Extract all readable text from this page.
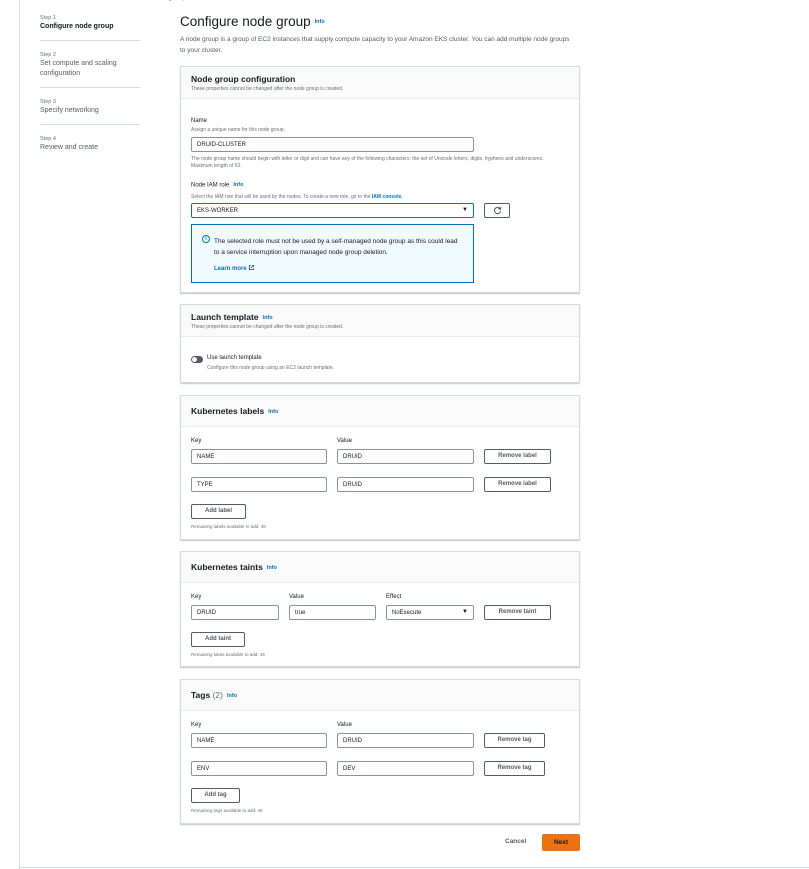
Step 1
Configure node group
Step 2
Set compute and scaling configuration
Step 3
Specify networking
Step 4
Review and create
Configure node group Info
A node group is a group of EC2 instances that supply compute capacity to your Amazon EKS cluster. You can add multiple node groups to your cluster.
Node group configuration
These properties cannot be changed after the node group is created.
Name
Assign a unique name for this node group.
DRUID-CLUSTER
The node group name should begin with letter or digit and can have any of the following characters: the set of Unicode letters, digits, hyphens and underscores. Maximum length of 63.
Node IAM role Info
Select the IAM role that will be used by the nodes. To create a new role, go to the IAM console.
EKS-WORKER	▼
i	The selected role must not be used by a self-managed node group as this could lead to a service interruption upon managed node group deletion.
Learn more
Launch template Info
These properties cannot be changed after the node group is created.
Use launch template
Configure this node group using an EC2 launch template.
Kubernetes labels Info
Key	Value
NAME	DRUID	Remove label
TYPE	DRUID	Remove label
Add label
Remaining labels available to add: 48
Kubernetes taints Info
Key	Value	Effect
DRUID	true	NoExecute	▼	Remove taint
Add taint
Remaining taints available to add: 49
Tags (2) Info
Key	Value
NAME	DRUID	Remove tag
ENV	DEV	Remove tag
Add tag
Remaining tags available to add: 48
Cancel	Next
